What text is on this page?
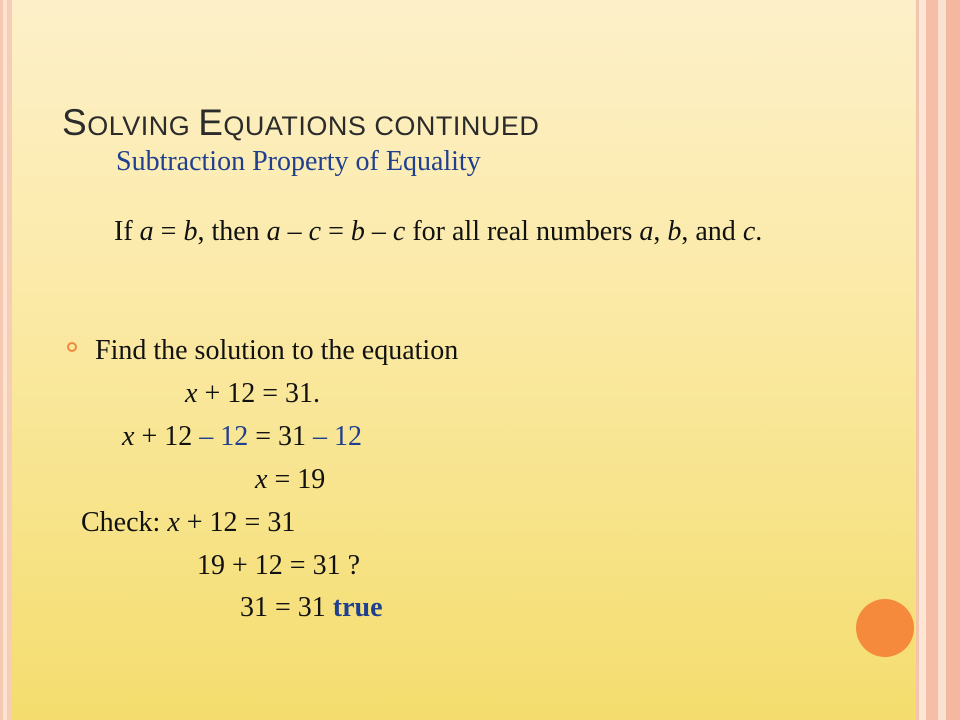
SOLVING EQUATIONS CONTINUED
Subtraction Property of Equality
If a = b, then a – c = b – c for all real numbers a, b, and c.
Find the solution to the equation
x + 12 = 31.
x + 12 – 12 = 31 – 12
x = 19
Check: x + 12 = 31
19 + 12 = 31 ?
31 = 31 true
